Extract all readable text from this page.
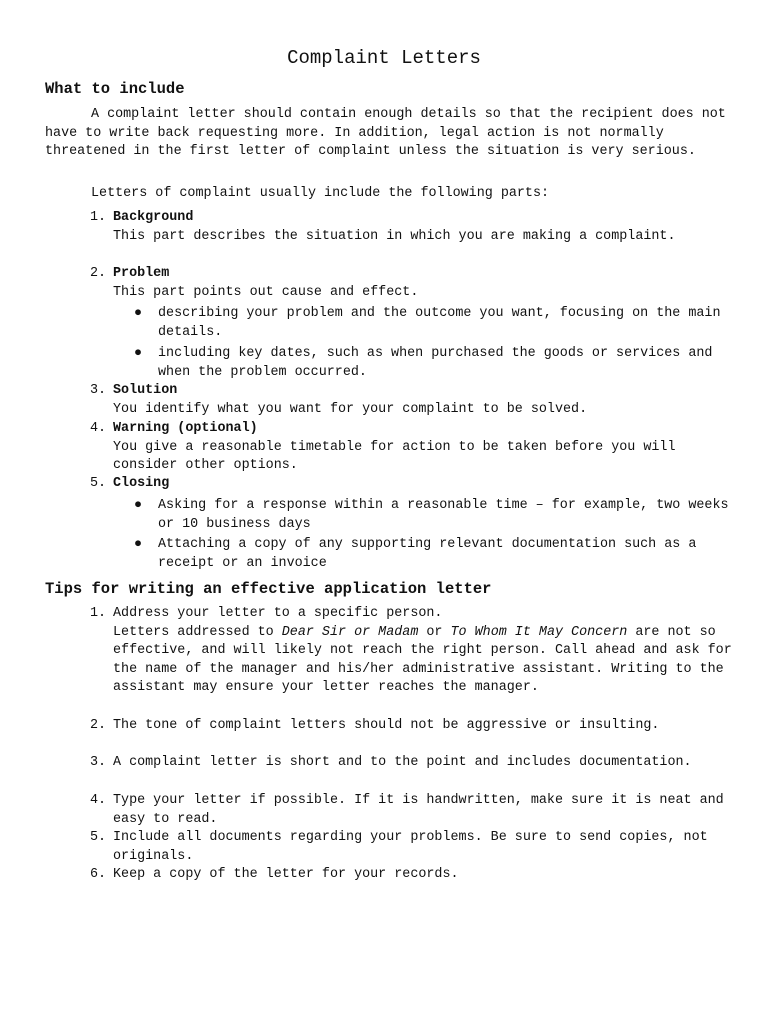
Complaint Letters
What to include

A complaint letter should contain enough details so that the recipient does not have to write back requesting more. In addition, legal action is not normally threatened in the first letter of complaint unless the situation is very serious.

Letters of complaint usually include the following parts:

1. Background
This part describes the situation in which you are making a complaint.
2. Problem
This part points out cause and effect.
● describing your problem and the outcome you want, focusing on the main details.
● including key dates, such as when purchased the goods or services and when the problem occurred.
3. Solution
You identify what you want for your complaint to be solved.
4. Warning (optional)
You give a reasonable timetable for action to be taken before you will consider other options.
5. Closing
● Asking for a response within a reasonable time – for example, two weeks or 10 business days
● Attaching a copy of any supporting relevant documentation such as a receipt or an invoice
Tips for writing an effective application letter
1. Address your letter to a specific person.
Letters addressed to Dear Sir or Madam or To Whom It May Concern are not so effective, and will likely not reach the right person. Call ahead and ask for the name of the manager and his/her administrative assistant. Writing to the assistant may ensure your letter reaches the manager.
2. The tone of complaint letters should not be aggressive or insulting.
3. A complaint letter is short and to the point and includes documentation.
4. Type your letter if possible. If it is handwritten, make sure it is neat and easy to read.
5. Include all documents regarding your problems. Be sure to send copies, not originals.
6. Keep a copy of the letter for your records.
